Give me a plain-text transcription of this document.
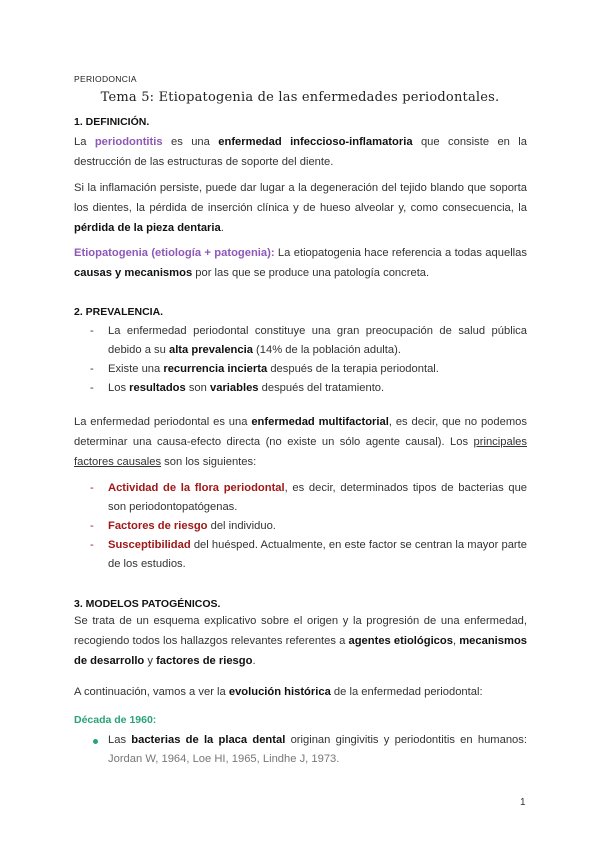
PERIODONCIA
Tema 5: Etiopatogenia de las enfermedades periodontales.
1. DEFINICIÓN.
La periodontitis es una enfermedad infeccioso-inflamatoria que consiste en la destrucción de las estructuras de soporte del diente.
Si la inflamación persiste, puede dar lugar a la degeneración del tejido blando que soporta los dientes, la pérdida de inserción clínica y de hueso alveolar y, como consecuencia, la pérdida de la pieza dentaria.
Etiopatogenia (etiología + patogenia): La etiopatogenia hace referencia a todas aquellas causas y mecanismos por las que se produce una patología concreta.
2. PREVALENCIA.
- La enfermedad periodontal constituye una gran preocupación de salud pública debido a su alta prevalencia (14% de la población adulta).
- Existe una recurrencia incierta después de la terapia periodontal.
- Los resultados son variables después del tratamiento.
La enfermedad periodontal es una enfermedad multifactorial, es decir, que no podemos determinar una causa-efecto directa (no existe un sólo agente causal). Los principales factores causales son los siguientes:
- Actividad de la flora periodontal, es decir, determinados tipos de bacterias que son periodontopatógenas.
- Factores de riesgo del individuo.
- Susceptibilidad del huésped. Actualmente, en este factor se centran la mayor parte de los estudios.
3. MODELOS PATOGÉNICOS.
Se trata de un esquema explicativo sobre el origen y la progresión de una enfermedad, recogiendo todos los hallazgos relevantes referentes a agentes etiológicos, mecanismos de desarrollo y factores de riesgo.
A continuación, vamos a ver la evolución histórica de la enfermedad periodontal:
Década de 1960:
Las bacterias de la placa dental originan gingivitis y periodontitis en humanos: Jordan W, 1964, Loe HI, 1965, Lindhe J, 1973.
1
